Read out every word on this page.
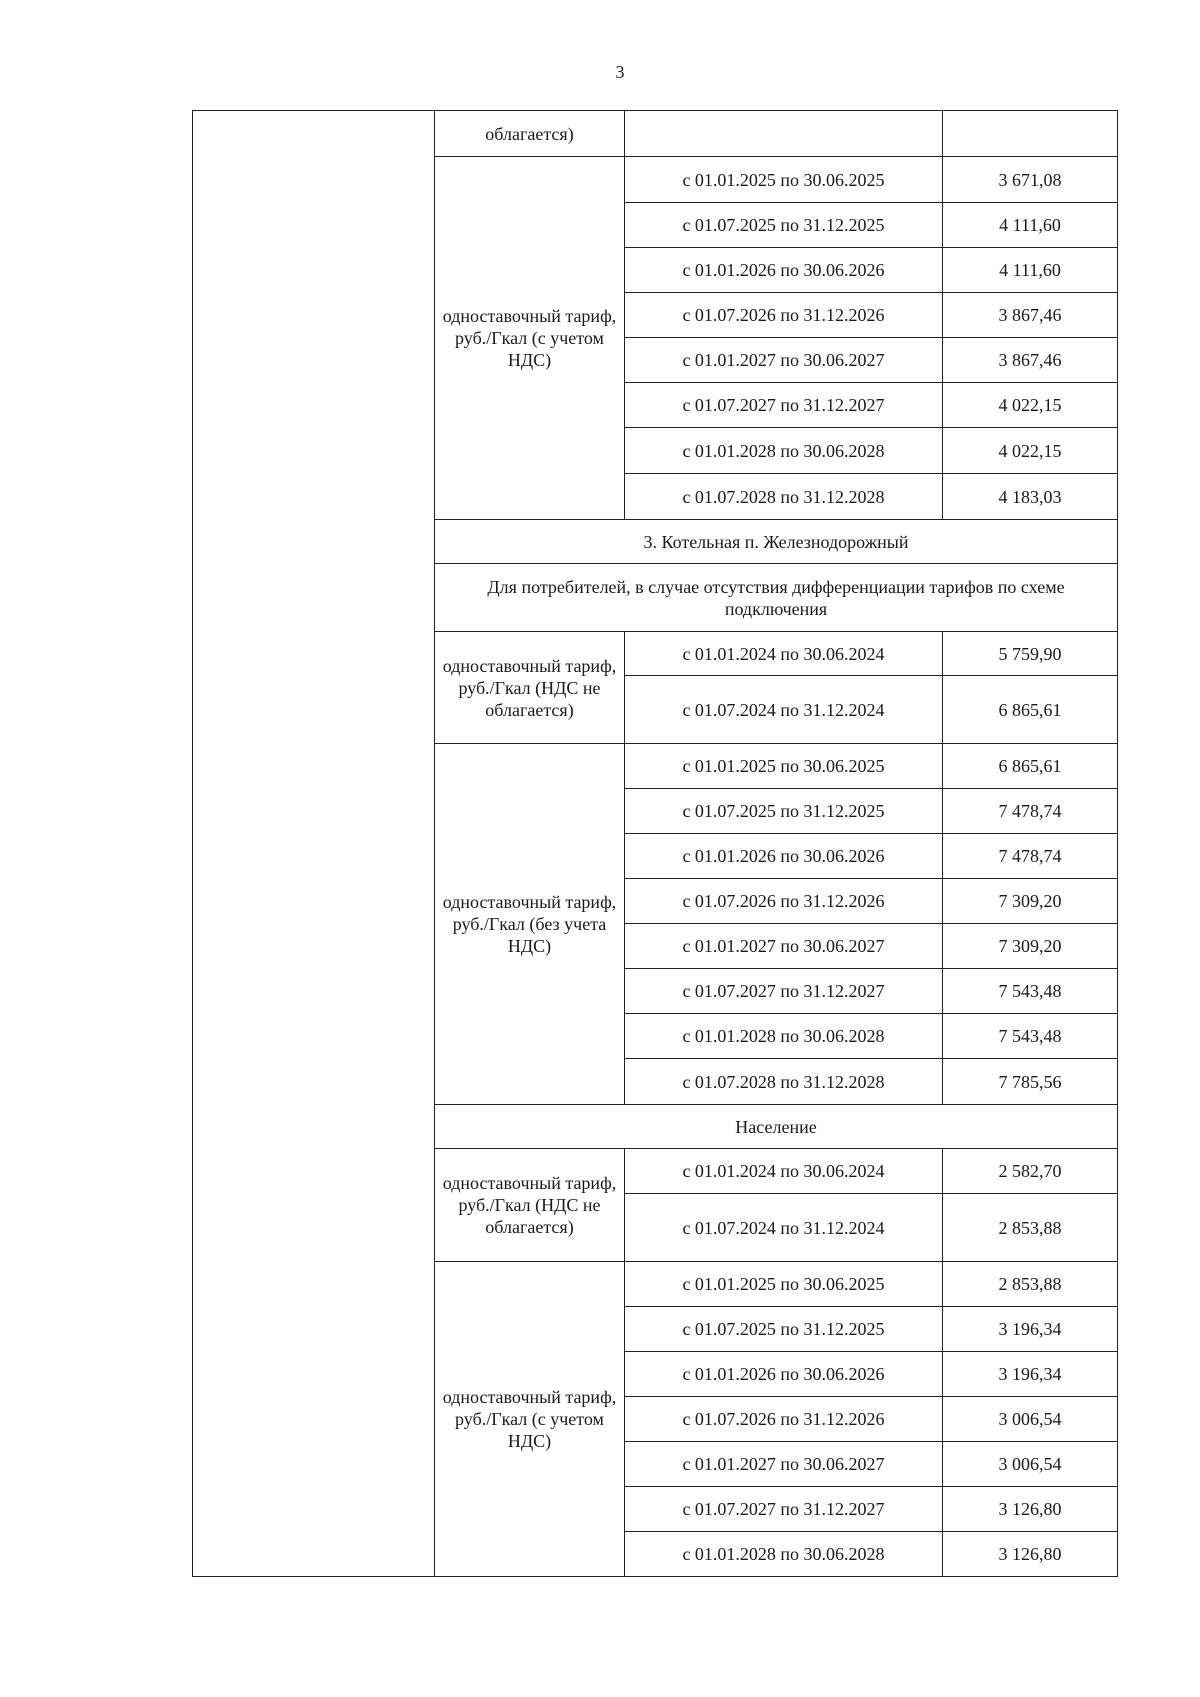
3
	облагается)		
	одноставочный тариф, руб./Гкал (с учетом НДС)	с 01.01.2025 по 30.06.2025	3 671,08
		с 01.07.2025 по 31.12.2025	4 111,60
		с 01.01.2026 по 30.06.2026	4 111,60
		с 01.07.2026 по 31.12.2026	3 867,46
		с 01.01.2027 по 30.06.2027	3 867,46
		с 01.07.2027 по 31.12.2027	4 022,15
		с 01.01.2028 по 30.06.2028	4 022,15
		с 01.07.2028 по 31.12.2028	4 183,03
	3. Котельная п. Железнодорожный		
	Для потребителей, в случае отсутствия дифференциации тарифов по схеме подключения		
	одноставочный тариф, руб./Гкал (НДС не облагается)	с 01.01.2024 по 30.06.2024	5 759,90
		с 01.07.2024 по 31.12.2024	6 865,61
	одноставочный тариф, руб./Гкал (без учета НДС)	с 01.01.2025 по 30.06.2025	6 865,61
		с 01.07.2025 по 31.12.2025	7 478,74
		с 01.01.2026 по 30.06.2026	7 478,74
		с 01.07.2026 по 31.12.2026	7 309,20
		с 01.01.2027 по 30.06.2027	7 309,20
		с 01.07.2027 по 31.12.2027	7 543,48
		с 01.01.2028 по 30.06.2028	7 543,48
		с 01.07.2028 по 31.12.2028	7 785,56
	Население		
	одноставочный тариф, руб./Гкал (НДС не облагается)	с 01.01.2024 по 30.06.2024	2 582,70
		с 01.07.2024 по 31.12.2024	2 853,88
	одноставочный тариф, руб./Гкал (с учетом НДС)	с 01.01.2025 по 30.06.2025	2 853,88
		с 01.07.2025 по 31.12.2025	3 196,34
		с 01.01.2026 по 30.06.2026	3 196,34
		с 01.07.2026 по 31.12.2026	3 006,54
		с 01.01.2027 по 30.06.2027	3 006,54
		с 01.07.2027 по 31.12.2027	3 126,80
		с 01.01.2028 по 30.06.2028	3 126,80
